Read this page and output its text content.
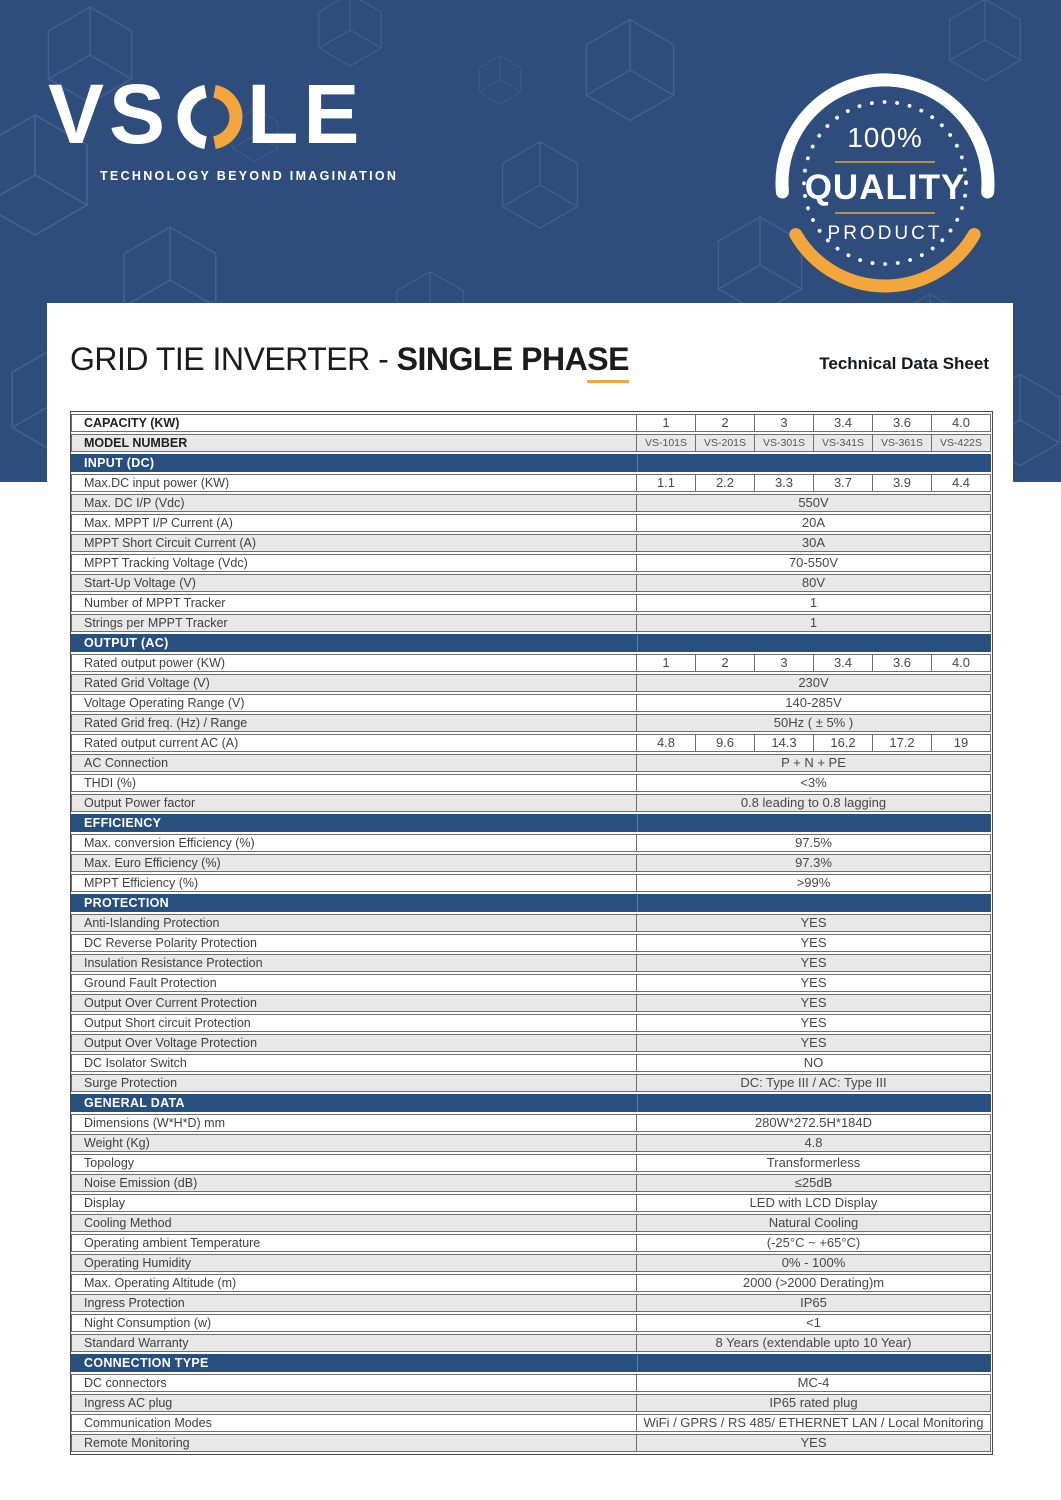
VS LE
TECHNOLOGY BEYOND IMAGINATION
100%
QUALITY
PRODUCT
GRID TIE INVERTER - SINGLE PHASE	Technical Data Sheet
CAPACITY (KW)	1	2	3	3.4	3.6	4.0
MODEL NUMBER	VS-101S	VS-201S	VS-301S	VS-341S	VS-361S	VS-422S
INPUT (DC)						
Max.DC input power (KW)	1.1	2.2	3.3	3.7	3.9	4.4
Max. DC I/P (Vdc)	550V					
Max. MPPT I/P Current (A)	20A					
MPPT Short Circuit Current (A)	30A					
MPPT Tracking Voltage (Vdc)	70-550V					
Start-Up Voltage (V)	80V					
Number of MPPT Tracker	1					
Strings per MPPT Tracker	1					
OUTPUT (AC)						
Rated output power (KW)	1	2	3	3.4	3.6	4.0
Rated Grid Voltage (V)	230V					
Voltage Operating Range (V)	140-285V					
Rated Grid freq. (Hz) / Range	50Hz ( ± 5% )					
Rated output current AC (A)	4.8	9.6	14.3	16.2	17.2	19
AC Connection	P + N + PE					
THDI (%)	<3%					
Output Power factor	0.8 leading to 0.8 lagging					
EFFICIENCY						
Max. conversion Efficiency (%)	97.5%					
Max. Euro Efficiency (%)	97.3%					
MPPT Efficiency (%)	>99%					
PROTECTION						
Anti-Islanding Protection	YES					
DC Reverse Polarity Protection	YES					
Insulation Resistance Protection	YES					
Ground Fault Protection	YES					
Output Over Current Protection	YES					
Output Short circuit Protection	YES					
Output Over Voltage Protection	YES					
DC Isolator Switch	NO					
Surge Protection	DC: Type III / AC: Type III					
GENERAL DATA						
Dimensions (W*H*D) mm	280W*272.5H*184D					
Weight (Kg)	4.8					
Topology	Transformerless					
Noise Emission (dB)	≤25dB					
Display	LED with LCD Display					
Cooling Method	Natural Cooling					
Operating ambient Temperature	(-25°C ~ +65°C)					
Operating Humidity	0% - 100%					
Max. Operating Altitude (m)	2000 (>2000 Derating)m					
Ingress Protection	IP65					
Night Consumption (w)	<1					
Standard Warranty	8 Years (extendable upto 10 Year)					
CONNECTION TYPE						
DC connectors	MC-4					
Ingress AC plug	IP65 rated plug					
Communication Modes	WiFi / GPRS / RS 485/ ETHERNET LAN / Local Monitoring					
Remote Monitoring	YES					
